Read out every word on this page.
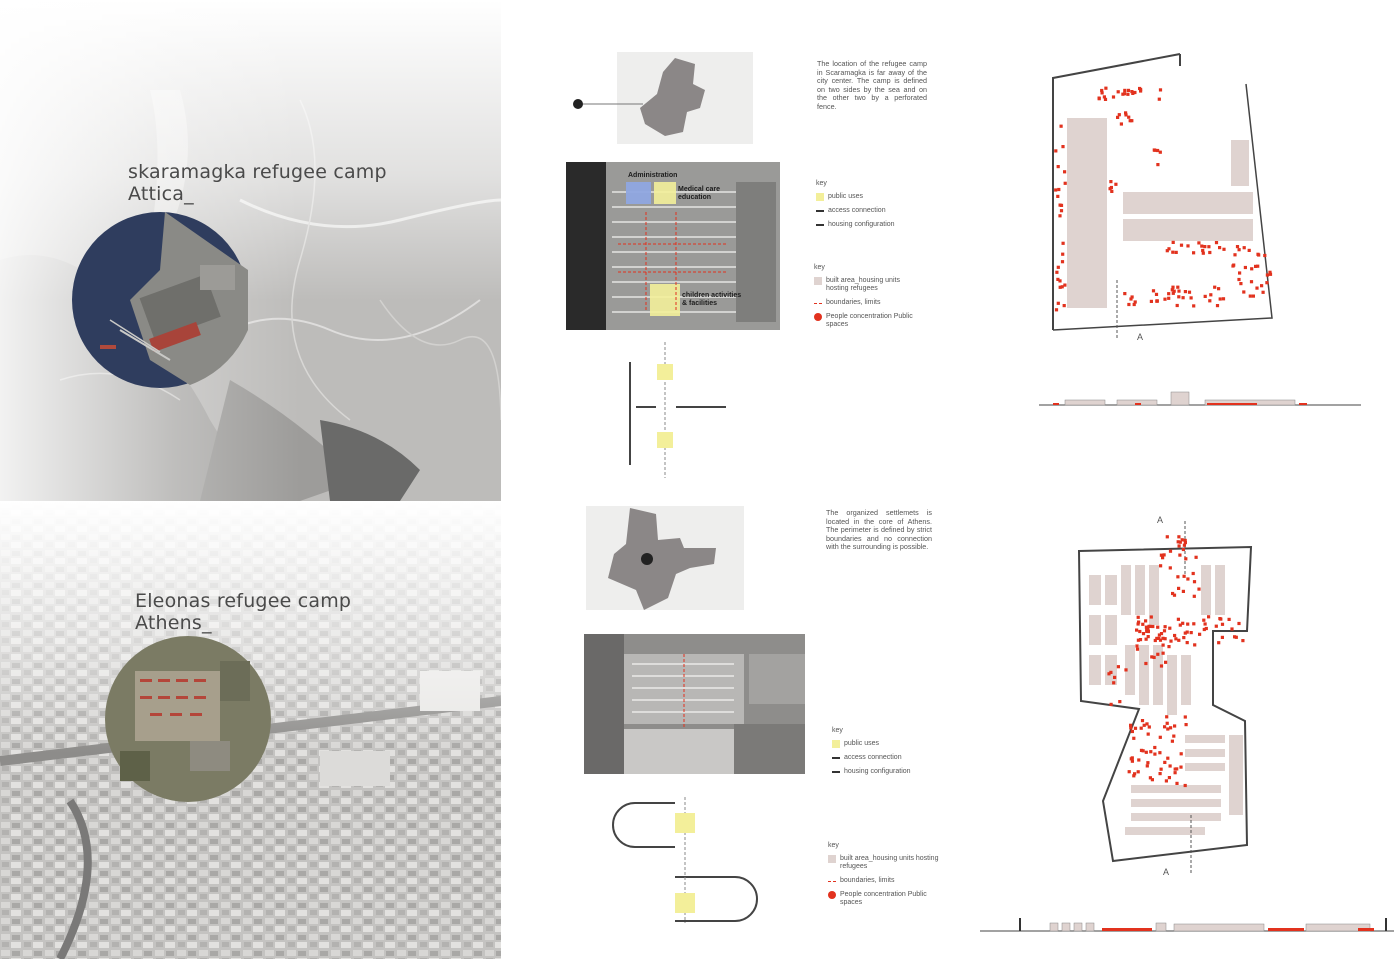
skaramagka refugee camp
Attica_
Eleonas refugee camp
Athens_
The location of the refugee camp in Scaramagka is far away of the city center. The camp is defined on two sides by the sea and on the other two by a perforated fence.
Administration
Medical care education
children activities & facilities
key
public uses
access connection
housing configuration
key
built area_housing units hosting refugees
boundaries, limits
People concentration Public spaces
The organized settlemets is located in the core of Athens. The perimeter is defined by strict boundaries and no connection with the surrounding is possible.
key
public uses
access connection
housing configuration
key
built area_housing units hosting refugees
boundaries, limits
People concentration Public spaces
A
A
A
